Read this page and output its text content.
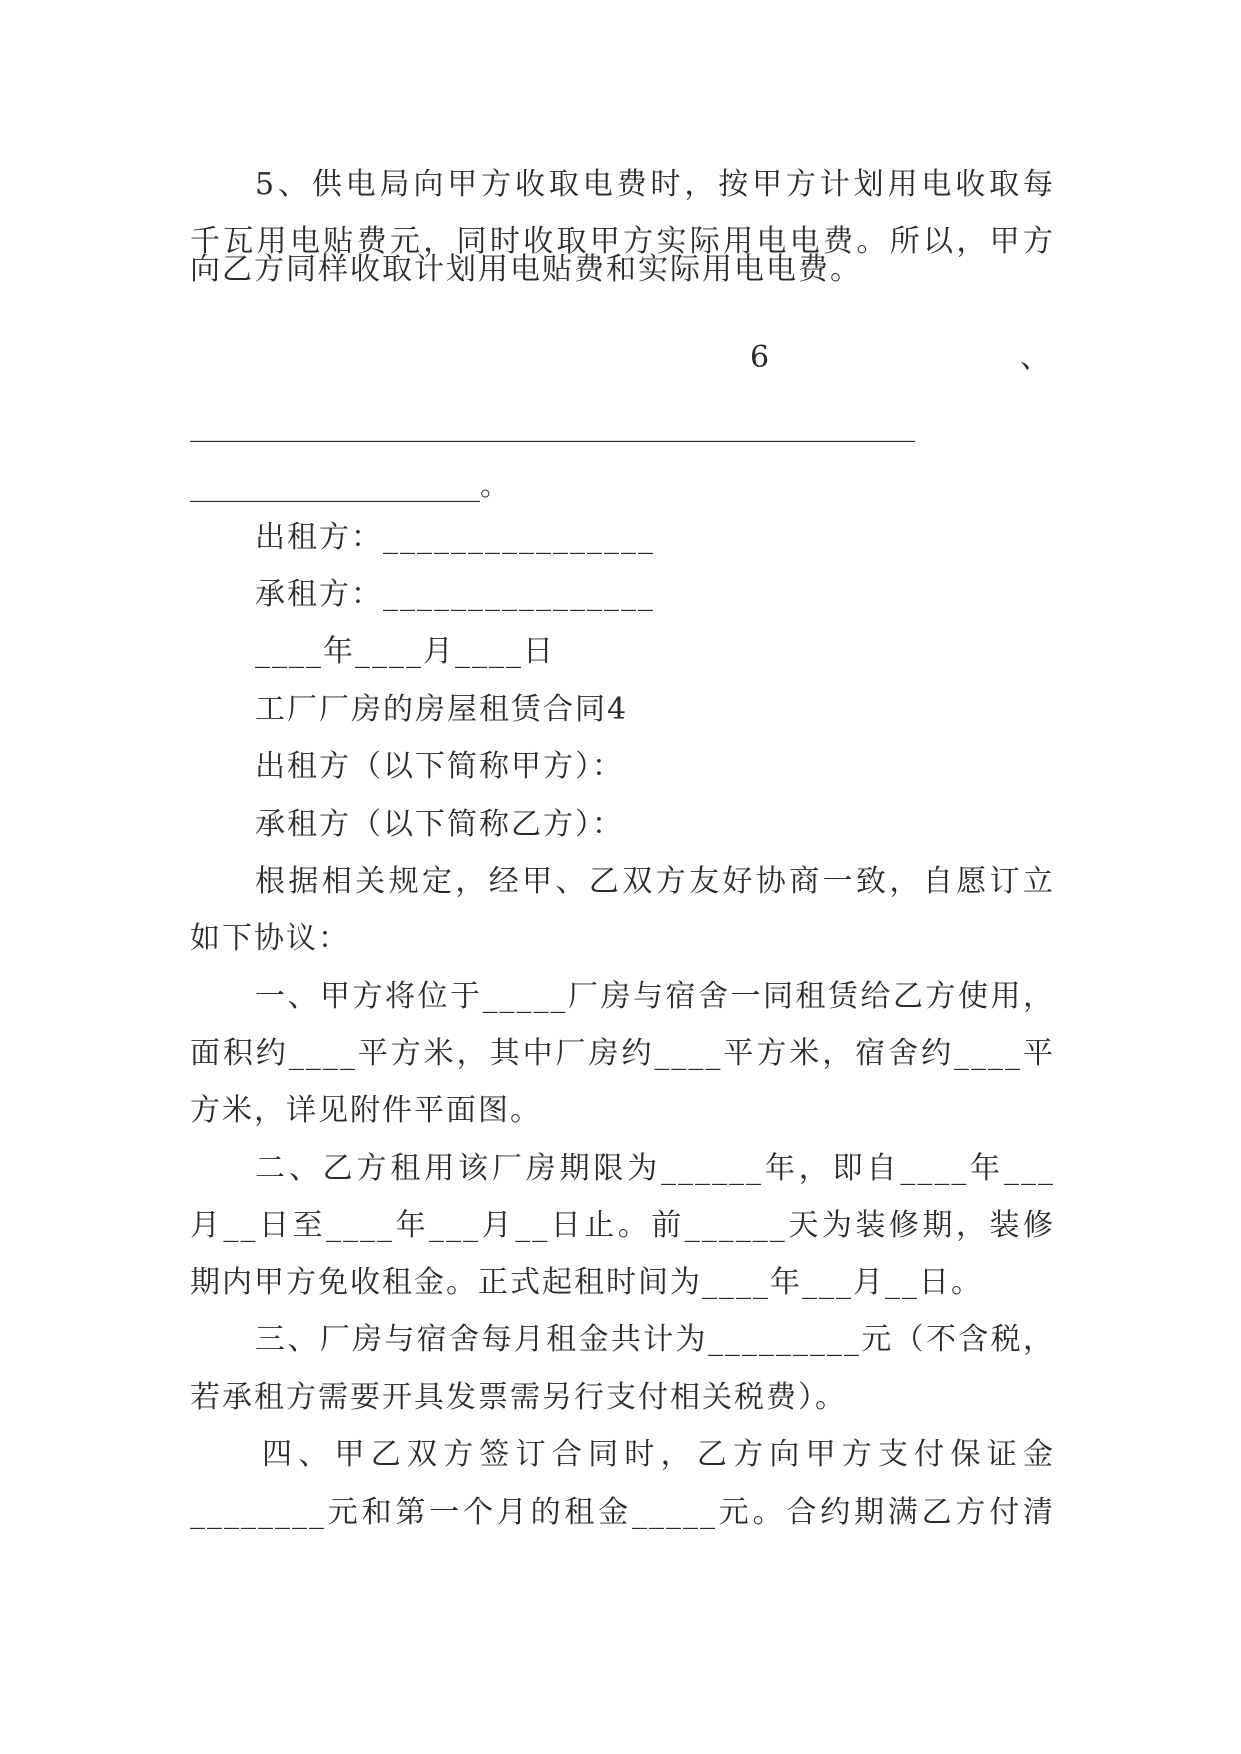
5、供电局向甲方收取电费时，按甲方计划用电收取每
千瓦用电贴费元，同时收取甲方实际用电电费。所以，甲方
向乙方同样收取计划用电贴费和实际用电电费。
6	、
__________________________________________________
____________________。
出租方：________________
承租方：________________
____年____月____日
工厂厂房的房屋租赁合同4
出租方（以下简称甲方）：
承租方（以下简称乙方）：
根据相关规定，经甲、乙双方友好协商一致，自愿订立
如下协议：
一、甲方将位于_____厂房与宿舍一同租赁给乙方使用，
面积约____平方米，其中厂房约____平方米，宿舍约____平
方米，详见附件平面图。
二、乙方租用该厂房期限为______年，即自____年___
月__日至____年___月__日止。前______天为装修期，装修
期内甲方免收租金。正式起租时间为____年___月__日。
三、厂房与宿舍每月租金共计为_________元（不含税，
若承租方需要开具发票需另行支付相关税费）。
四、甲乙双方签订合同时，乙方向甲方支付保证金
________元和第一个月的租金_____元。合约期满乙方付清
